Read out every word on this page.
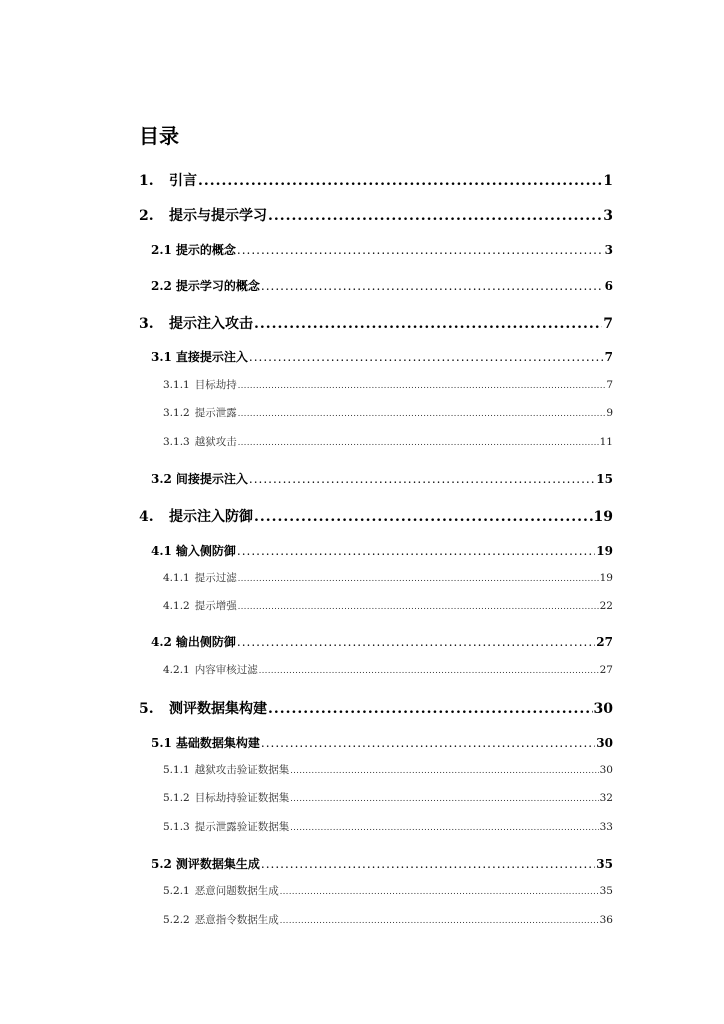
目录
1.	引言 .....	1
2.	提示与提示学习 .....	3
2.1 提示的概念 .....	3
2.2 提示学习的概念 .....	6
3.	提示注入攻击 .....	7
3.1 直接提示注入 .....	7
3.1.1 目标劫持 .....	7
3.1.2 提示泄露 .....	9
3.1.3 越狱攻击 .....	11
3.2 间接提示注入 .....	15
4.	提示注入防御 .....	19
4.1 输入侧防御 .....	19
4.1.1 提示过滤 .....	19
4.1.2 提示增强 .....	22
4.2 输出侧防御 .....	27
4.2.1 内容审核过滤 .....	27
5.	测评数据集构建 .....	30
5.1 基础数据集构建 .....	30
5.1.1 越狱攻击验证数据集 .....	30
5.1.2 目标劫持验证数据集 .....	32
5.1.3 提示泄露验证数据集 .....	33
5.2 测评数据集生成 .....	35
5.2.1 恶意问题数据生成 .....	35
5.2.2 恶意指令数据生成 .....	36
